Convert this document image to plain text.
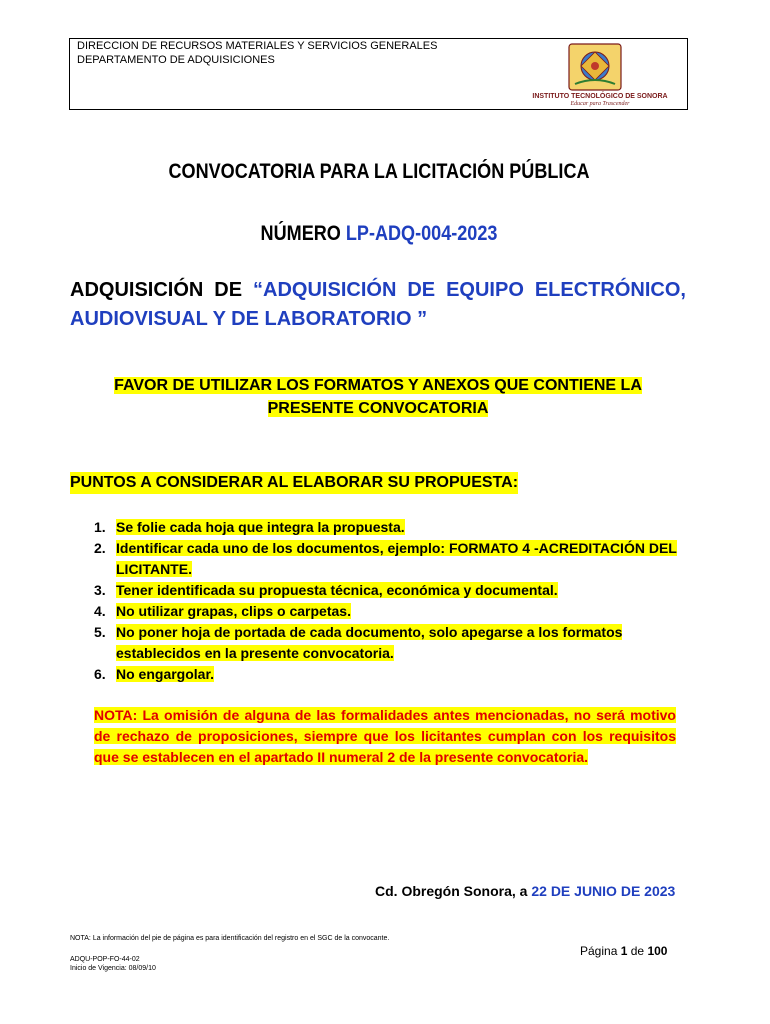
DIRECCION DE RECURSOS MATERIALES Y SERVICIOS GENERALES
DEPARTAMENTO DE ADQUISICIONES
INSTITUTO TECNOLÓGICO DE SONORA
Educar para Trascender
CONVOCATORIA PARA LA LICITACIÓN PÚBLICA
NÚMERO LP-ADQ-004-2023
ADQUISICIÓN DE “ADQUISICIÓN DE EQUIPO ELECTRÓNICO,
AUDIOVISUAL Y DE LABORATORIO ”
FAVOR DE UTILIZAR LOS FORMATOS Y ANEXOS QUE CONTIENE LA
PRESENTE CONVOCATORIA
PUNTOS A CONSIDERAR AL ELABORAR SU PROPUESTA:
1. Se folie cada hoja que integra la propuesta.
2. Identificar cada uno de los documentos, ejemplo: FORMATO 4 -ACREDITACIÓN DEL LICITANTE.
3. Tener identificada su propuesta técnica, económica y documental.
4. No utilizar grapas, clips o carpetas.
5. No poner hoja de portada de cada documento, solo apegarse a los formatos establecidos en la presente convocatoria.
6. No engargolar.
NOTA: La omisión de alguna de las formalidades antes mencionadas, no será motivo de rechazo de proposiciones, siempre que los licitantes cumplan con los requisitos que se establecen en el apartado II numeral 2 de la presente convocatoria.
Cd. Obregón Sonora, a 22 DE JUNIO DE 2023
NOTA: La información del pie de página es para identificación del registro en el SGC de la convocante.
Página 1 de 100
ADQU-POP-FO-44-02
Inicio de Vigencia: 08/09/10
